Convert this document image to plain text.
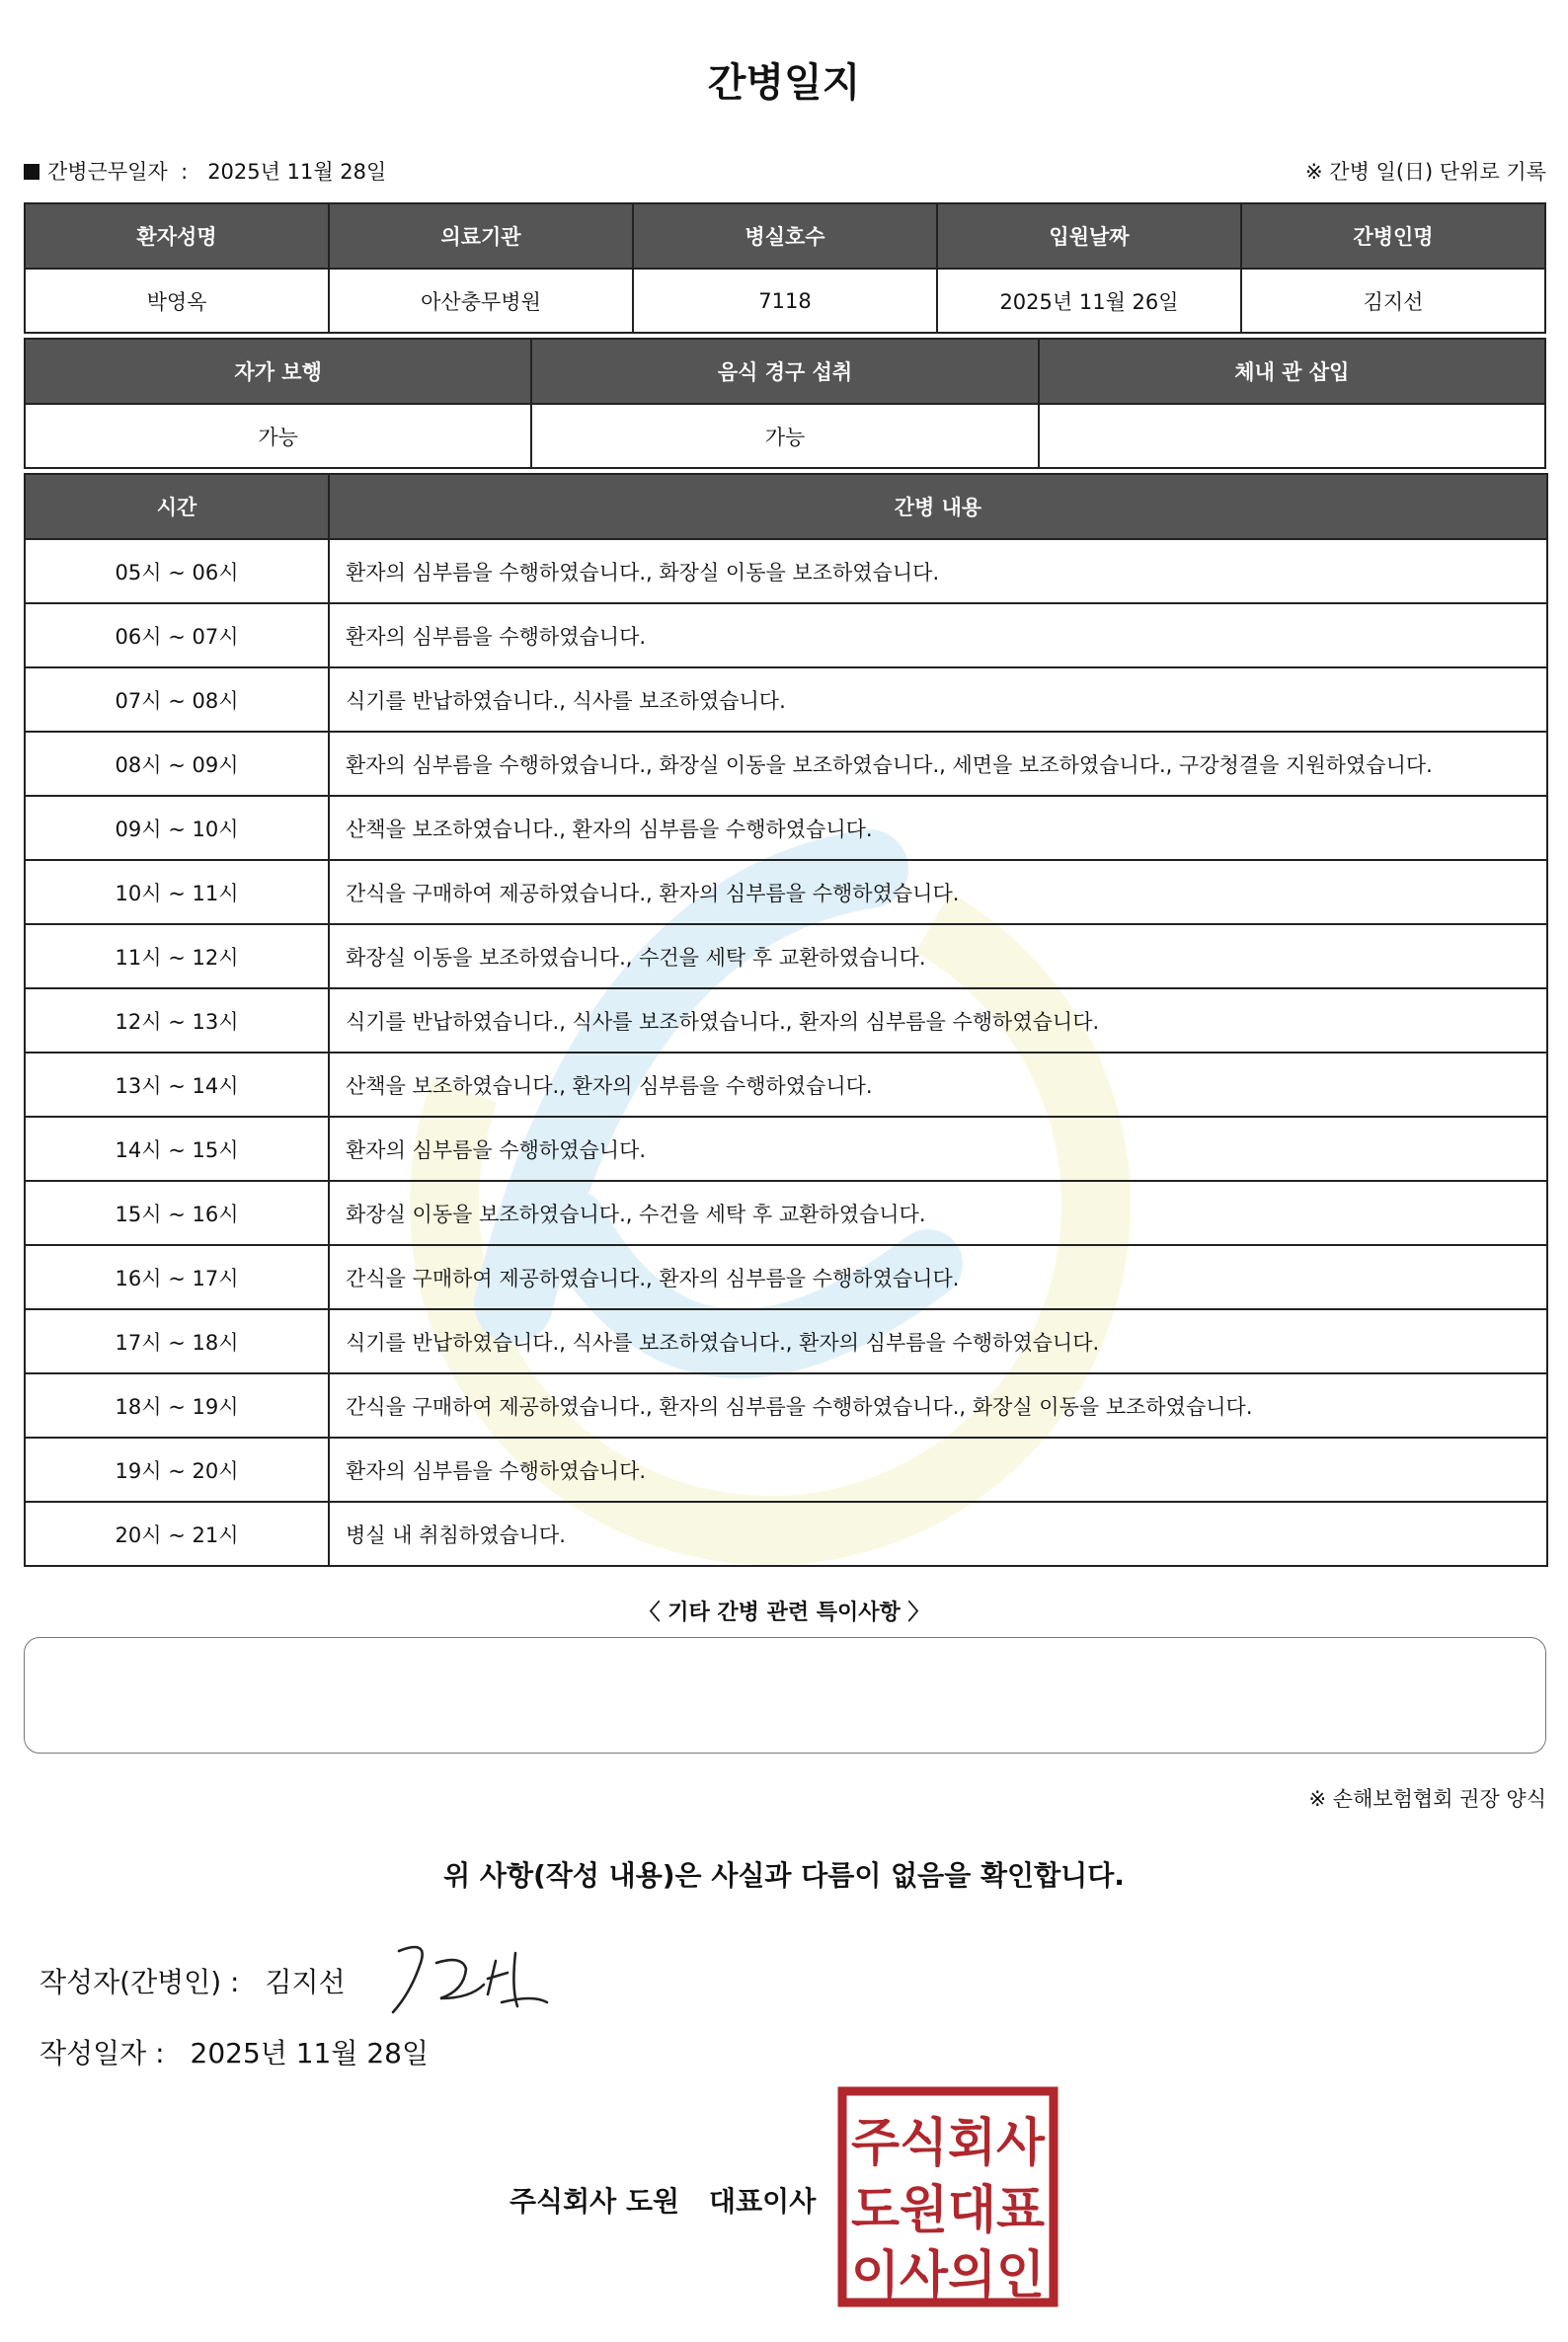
간병일지
간병근무일자 : 2025년 11월 28일	※ 간병 일(日) 단위로 기록
환자성명	의료기관	병실호수	입원날짜	간병인명
박영옥	아산충무병원	7118	2025년 11월 26일	김지선
자가 보행	음식 경구 섭취	체내 관 삽입
가능	가능	
시간	간병 내용
05시 ~ 06시	환자의 심부름을 수행하였습니다., 화장실 이동을 보조하였습니다.
06시 ~ 07시	환자의 심부름을 수행하였습니다.
07시 ~ 08시	식기를 반납하였습니다., 식사를 보조하였습니다.
08시 ~ 09시	환자의 심부름을 수행하였습니다., 화장실 이동을 보조하였습니다., 세면을 보조하였습니다., 구강청결을 지원하였습니다.
09시 ~ 10시	산책을 보조하였습니다., 환자의 심부름을 수행하였습니다.
10시 ~ 11시	간식을 구매하여 제공하였습니다., 환자의 심부름을 수행하였습니다.
11시 ~ 12시	화장실 이동을 보조하였습니다., 수건을 세탁 후 교환하였습니다.
12시 ~ 13시	식기를 반납하였습니다., 식사를 보조하였습니다., 환자의 심부름을 수행하였습니다.
13시 ~ 14시	산책을 보조하였습니다., 환자의 심부름을 수행하였습니다.
14시 ~ 15시	환자의 심부름을 수행하였습니다.
15시 ~ 16시	화장실 이동을 보조하였습니다., 수건을 세탁 후 교환하였습니다.
16시 ~ 17시	간식을 구매하여 제공하였습니다., 환자의 심부름을 수행하였습니다.
17시 ~ 18시	식기를 반납하였습니다., 식사를 보조하였습니다., 환자의 심부름을 수행하였습니다.
18시 ~ 19시	간식을 구매하여 제공하였습니다., 환자의 심부름을 수행하였습니다., 화장실 이동을 보조하였습니다.
19시 ~ 20시	환자의 심부름을 수행하였습니다.
20시 ~ 21시	병실 내 취침하였습니다.
〈 기타 간병 관련 특이사항 〉
※ 손해보험협회 권장 양식
위 사항(작성 내용)은 사실과 다름이 없음을 확인합니다.
작성자(간병인) : 김지선
작성일자 : 2025년 11월 28일
주식회사 도원 대표이사
주식회사
도원대표
이사의인
